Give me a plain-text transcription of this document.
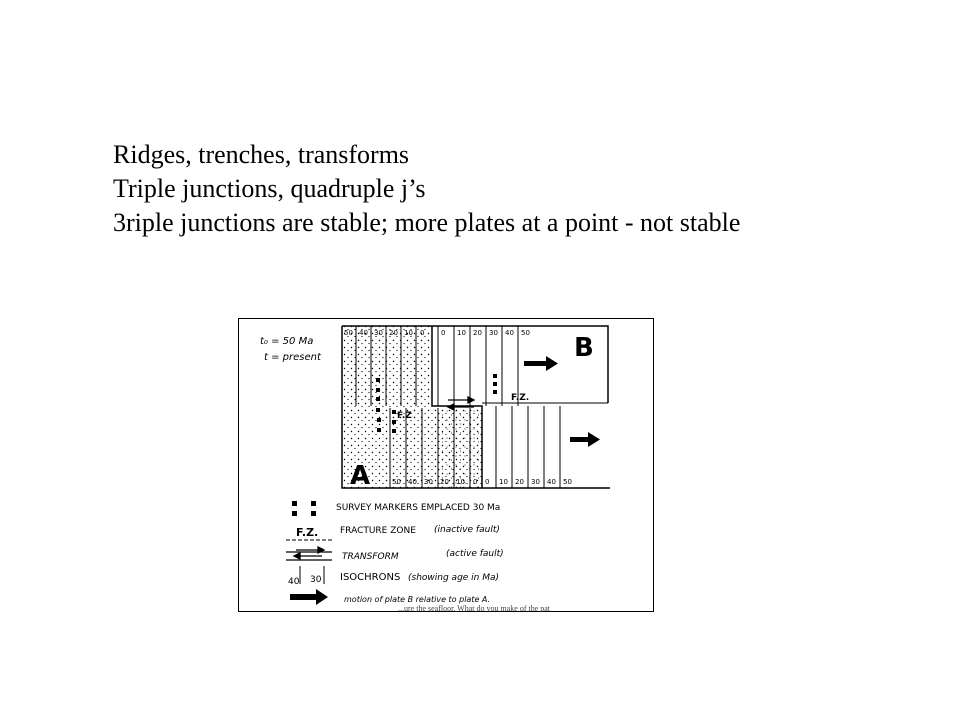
Ridges, trenches, transforms
Triple junctions, quadruple j’s
3riple junctions are stable; more plates at a point - not stable
50 40 30 20 10 0 0 10 20 30 40 50
50 40 30 20 10 0 0 10 20 30 40 50
t₀ = 50 Ma
t = present	B
A
F.Z
F.Z.
SURVEY MARKERS EMPLACED 30 Ma
F.Z. FRACTURE ZONE (inactive fault)
TRANSFORM	(active fault)
40 30 ISOCHRONS (showing age in Ma)
motion of plate B relative to plate A.
...ure the seafloor. What do you make of the pat
